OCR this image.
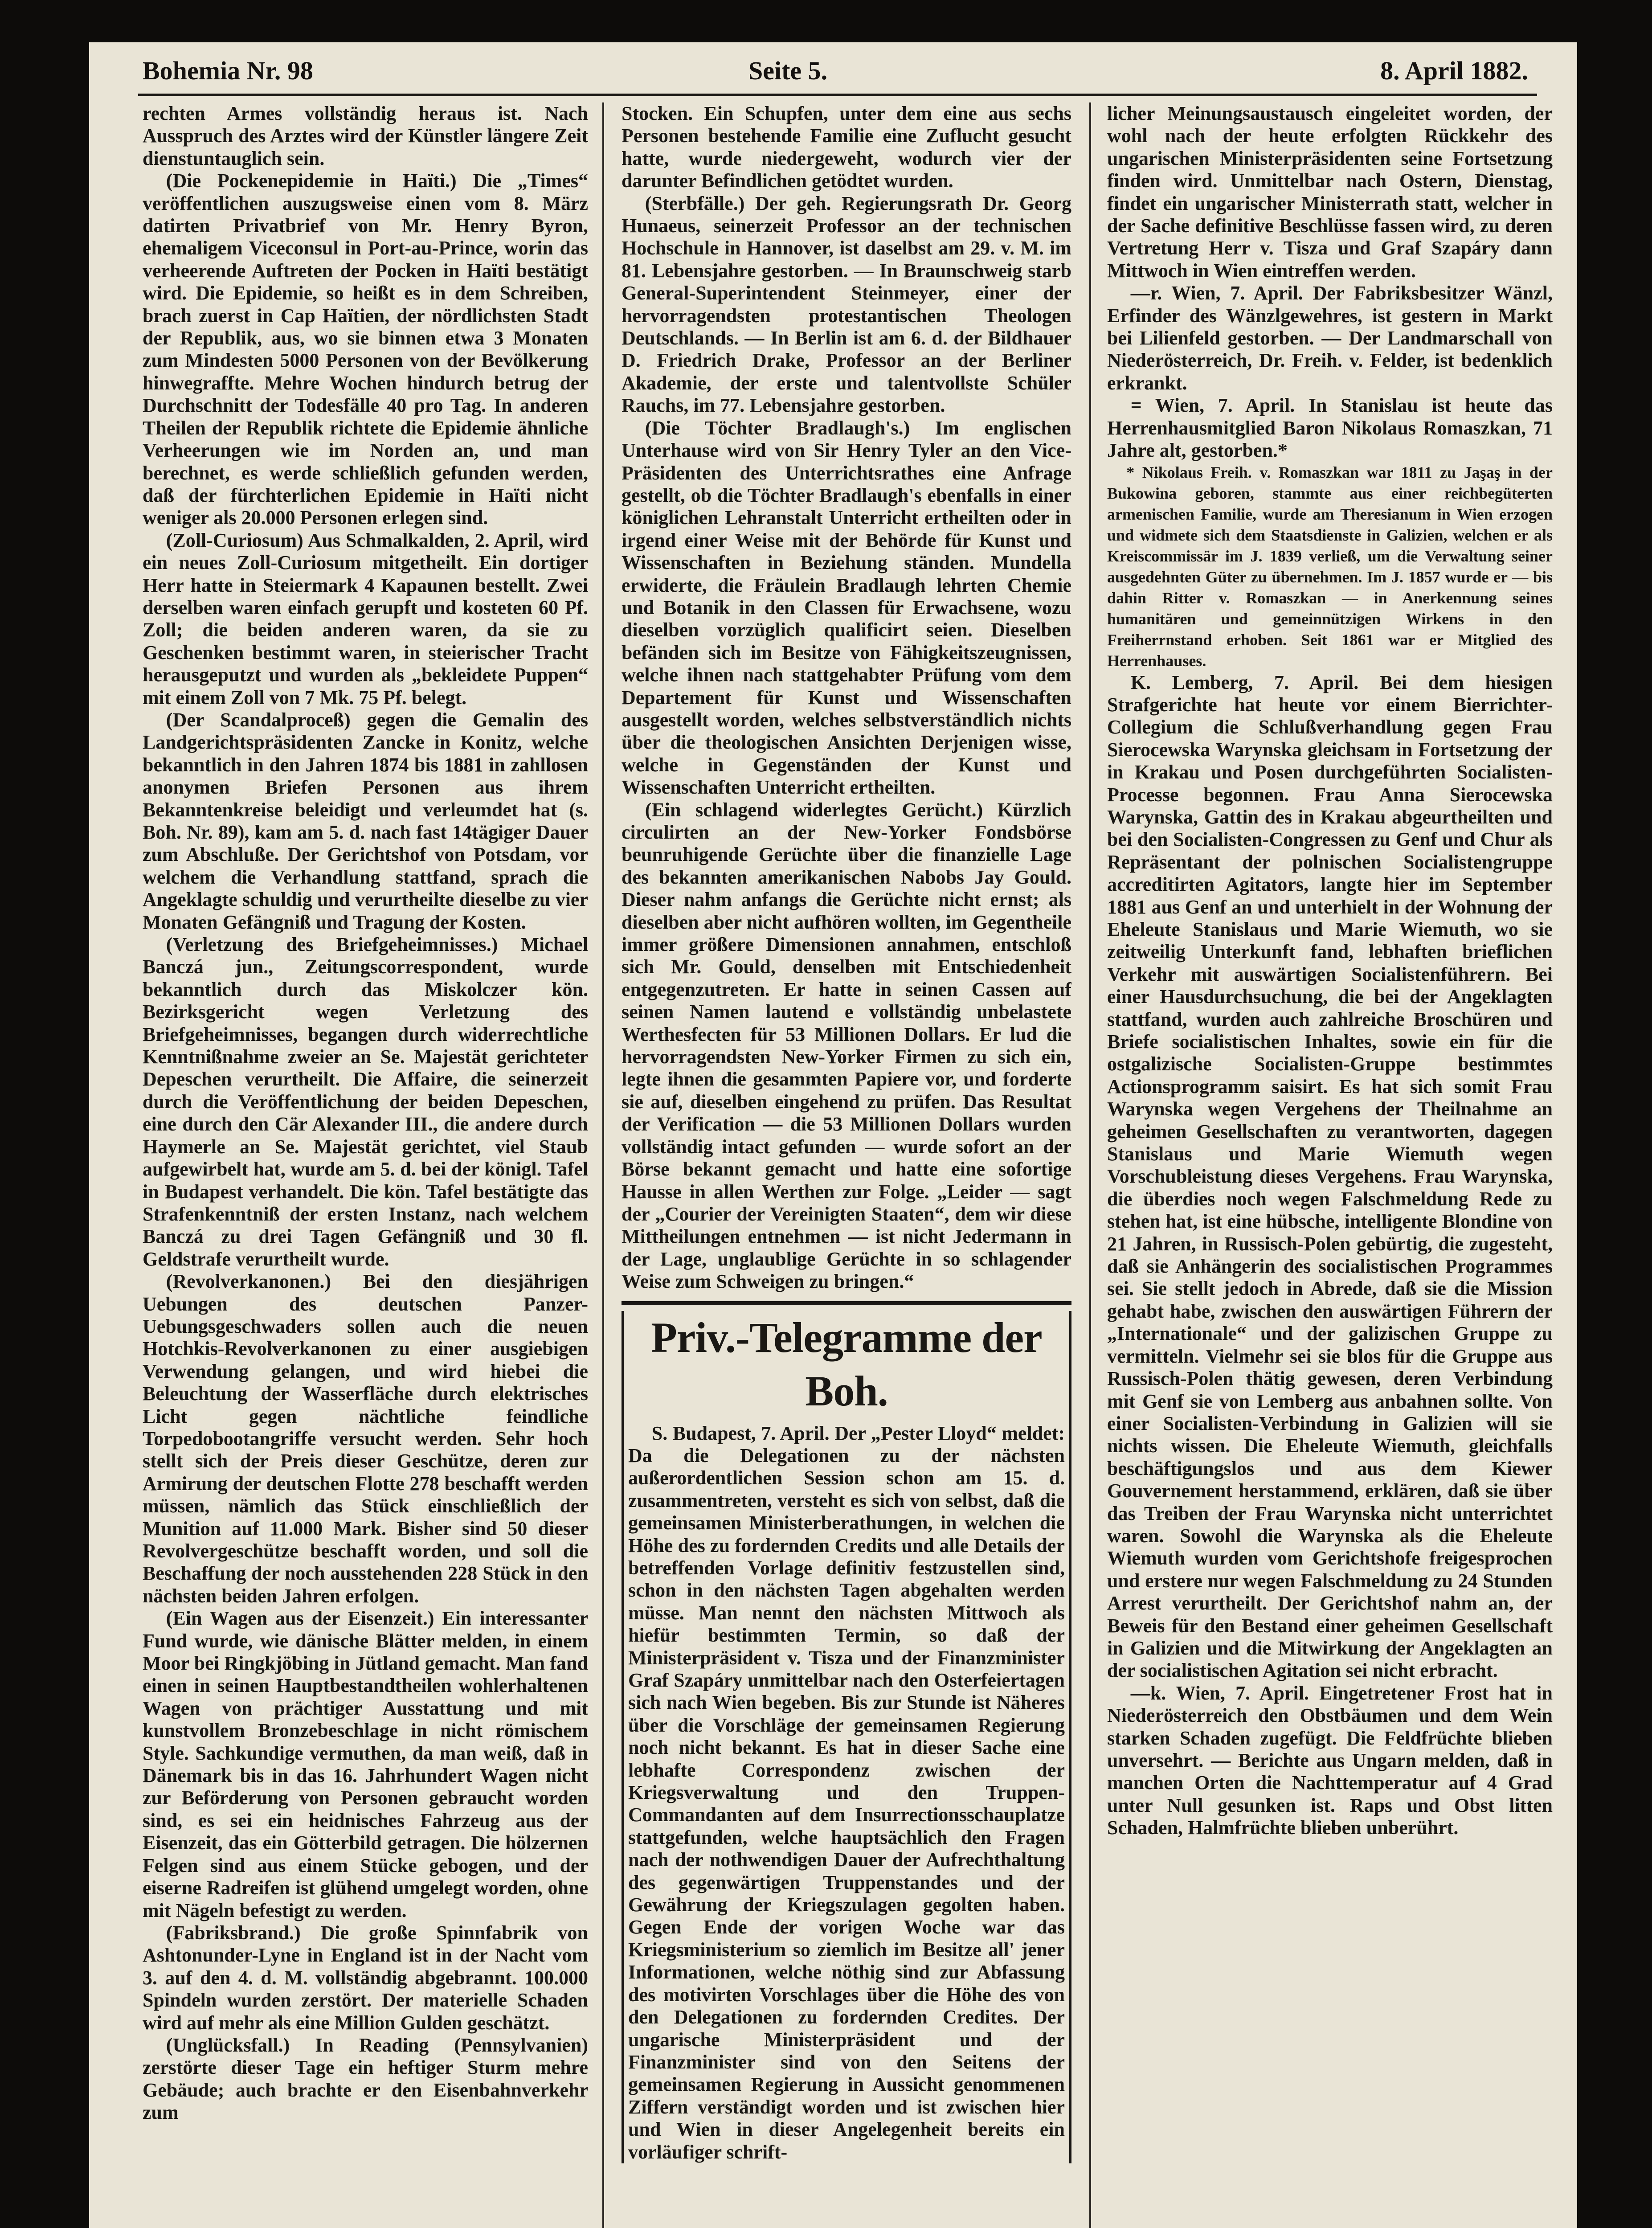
Bohemia Nr. 98	Seite 5.	8. April 1882.

rechten Armes vollständig heraus ist. Nach Ausspruch des Arztes wird der Künstler längere Zeit dienstuntauglich sein.

(Die Pockenepidemie in Haïti.) Die „Times“ veröffentlichen auszugsweise einen vom 8. März datirten Privatbrief von Mr. Henry Byron, ehemaligem Viceconsul in Port-au-Prince, worin das verheerende Auftreten der Pocken in Haïti bestätigt wird. Die Epidemie, so heißt es in dem Schreiben, brach zuerst in Cap Haïtien, der nördlichsten Stadt der Republik, aus, wo sie binnen etwa 3 Monaten zum Mindesten 5000 Personen von der Bevölkerung hinwegraffte. Mehre Wochen hindurch betrug der Durchschnitt der Todesfälle 40 pro Tag. In anderen Theilen der Republik richtete die Epidemie ähnliche Verheerungen wie im Norden an, und man berechnet, es werde schließlich gefunden werden, daß der fürchterlichen Epidemie in Haïti nicht weniger als 20.000 Personen erlegen sind.

(Zoll-Curiosum) Aus Schmalkalden, 2. April, wird ein neues Zoll-Curiosum mitgetheilt. Ein dortiger Herr hatte in Steiermark 4 Kapaunen bestellt. Zwei derselben waren einfach gerupft und kosteten 60 Pf. Zoll; die beiden anderen waren, da sie zu Geschenken bestimmt waren, in steierischer Tracht herausgeputzt und wurden als „bekleidete Puppen“ mit einem Zoll von 7 Mk. 75 Pf. belegt.

(Der Scandalproceß) gegen die Gemalin des Landgerichtspräsidenten Zancke in Konitz, welche bekanntlich in den Jahren 1874 bis 1881 in zahllosen anonymen Briefen Personen aus ihrem Bekanntenkreise beleidigt und verleumdet hat (s. Boh. Nr. 89), kam am 5. d. nach fast 14tägiger Dauer zum Abschluße. Der Gerichtshof von Potsdam, vor welchem die Verhandlung stattfand, sprach die Angeklagte schuldig und verurtheilte dieselbe zu vier Monaten Gefängniß und Tragung der Kosten.

(Verletzung des Briefgeheimnisses.) Michael Banczá jun., Zeitungscorrespondent, wurde bekanntlich durch das Miskolczer kön. Bezirksgericht wegen Verletzung des Briefgeheimnisses, begangen durch widerrechtliche Kenntnißnahme zweier an Se. Majestät gerichteter Depeschen verurtheilt. Die Affaire, die seinerzeit durch die Veröffentlichung der beiden Depeschen, eine durch den Cär Alexander III., die andere durch Haymerle an Se. Majestät gerichtet, viel Staub aufgewirbelt hat, wurde am 5. d. bei der königl. Tafel in Budapest verhandelt. Die kön. Tafel bestätigte das Strafenkenntniß der ersten Instanz, nach welchem Banczá zu drei Tagen Gefängniß und 30 fl. Geldstrafe verurtheilt wurde.

(Revolverkanonen.) Bei den diesjährigen Uebungen des deutschen Panzer-Uebungsgeschwaders sollen auch die neuen Hotchkis-Revolverkanonen zu einer ausgiebigen Verwendung gelangen, und wird hiebei die Beleuchtung der Wasserfläche durch elektrisches Licht gegen nächtliche feindliche Torpedobootangriffe versucht werden. Sehr hoch stellt sich der Preis dieser Geschütze, deren zur Armirung der deutschen Flotte 278 beschafft werden müssen, nämlich das Stück einschließlich der Munition auf 11.000 Mark. Bisher sind 50 dieser Revolvergeschütze beschafft worden, und soll die Beschaffung der noch ausstehenden 228 Stück in den nächsten beiden Jahren erfolgen.

(Ein Wagen aus der Eisenzeit.) Ein interessanter Fund wurde, wie dänische Blätter melden, in einem Moor bei Ringkjöbing in Jütland gemacht. Man fand einen in seinen Hauptbestandtheilen wohlerhaltenen Wagen von prächtiger Ausstattung und mit kunstvollem Bronzebeschlage in nicht römischem Style. Sachkundige vermuthen, da man weiß, daß in Dänemark bis in das 16. Jahrhundert Wagen nicht zur Beförderung von Personen gebraucht worden sind, es sei ein heidnisches Fahrzeug aus der Eisenzeit, das ein Götterbild getragen. Die hölzernen Felgen sind aus einem Stücke gebogen, und der eiserne Radreifen ist glühend umgelegt worden, ohne mit Nägeln befestigt zu werden.

(Fabriksbrand.) Die große Spinnfabrik von Ashtonunder-Lyne in England ist in der Nacht vom 3. auf den 4. d. M. vollständig abgebrannt. 100.000 Spindeln wurden zerstört. Der materielle Schaden wird auf mehr als eine Million Gulden geschätzt.

(Unglücksfall.) In Reading (Pennsylvanien) zerstörte dieser Tage ein heftiger Sturm mehre Gebäude; auch brachte er den Eisenbahnverkehr zum

Stocken. Ein Schupfen, unter dem eine aus sechs Personen bestehende Familie eine Zuflucht gesucht hatte, wurde niedergeweht, wodurch vier der darunter Befindlichen getödtet wurden.

(Sterbfälle.) Der geh. Regierungsrath Dr. Georg Hunaeus, seinerzeit Professor an der technischen Hochschule in Hannover, ist daselbst am 29. v. M. im 81. Lebensjahre gestorben. — In Braunschweig starb General-Superintendent Steinmeyer, einer der hervorragendsten protestantischen Theologen Deutschlands. — In Berlin ist am 6. d. der Bildhauer D. Friedrich Drake, Professor an der Berliner Akademie, der erste und talentvollste Schüler Rauchs, im 77. Lebensjahre gestorben.

(Die Töchter Bradlaugh's.) Im englischen Unterhause wird von Sir Henry Tyler an den Vice-Präsidenten des Unterrichtsrathes eine Anfrage gestellt, ob die Töchter Bradlaugh's ebenfalls in einer königlichen Lehranstalt Unterricht ertheilten oder in irgend einer Weise mit der Behörde für Kunst und Wissenschaften in Beziehung ständen. Mundella erwiderte, die Fräulein Bradlaugh lehrten Chemie und Botanik in den Classen für Erwachsene, wozu dieselben vorzüglich qualificirt seien. Dieselben befänden sich im Besitze von Fähigkeitszeugnissen, welche ihnen nach stattgehabter Prüfung vom dem Departement für Kunst und Wissenschaften ausgestellt worden, welches selbstverständlich nichts über die theologischen Ansichten Derjenigen wisse, welche in Gegenständen der Kunst und Wissenschaften Unterricht ertheilten.

(Ein schlagend widerlegtes Gerücht.) Kürzlich circulirten an der New-Yorker Fondsbörse beunruhigende Gerüchte über die finanzielle Lage des bekannten amerikanischen Nabobs Jay Gould. Dieser nahm anfangs die Gerüchte nicht ernst; als dieselben aber nicht aufhören wollten, im Gegentheile immer größere Dimensionen annahmen, entschloß sich Mr. Gould, denselben mit Entschiedenheit entgegenzutreten. Er hatte in seinen Cassen auf seinen Namen lautend e vollständig unbelastete Werthesfecten für 53 Millionen Dollars. Er lud die hervorragendsten New-Yorker Firmen zu sich ein, legte ihnen die gesammten Papiere vor, und forderte sie auf, dieselben eingehend zu prüfen. Das Resultat der Verification — die 53 Millionen Dollars wurden vollständig intact gefunden — wurde sofort an der Börse bekannt gemacht und hatte eine sofortige Hausse in allen Werthen zur Folge. „Leider — sagt der „Courier der Vereinigten Staaten“, dem wir diese Mittheilungen entnehmen — ist nicht Jedermann in der Lage, unglaublige Gerüchte in so schlagender Weise zum Schweigen zu bringen.“

Priv.-Telegramme der Boh.

S. Budapest, 7. April. Der „Pester Lloyd“ meldet: Da die Delegationen zu der nächsten außerordentlichen Session schon am 15. d. zusammentreten, versteht es sich von selbst, daß die gemeinsamen Ministerberathungen, in welchen die Höhe des zu fordernden Credits und alle Details der betreffenden Vorlage definitiv festzustellen sind, schon in den nächsten Tagen abgehalten werden müsse. Man nennt den nächsten Mittwoch als hiefür bestimmten Termin, so daß der Ministerpräsident v. Tisza und der Finanzminister Graf Szapáry unmittelbar nach den Osterfeiertagen sich nach Wien begeben. Bis zur Stunde ist Näheres über die Vorschläge der gemeinsamen Regierung noch nicht bekannt. Es hat in dieser Sache eine lebhafte Correspondenz zwischen der Kriegsverwaltung und den Truppen-Commandanten auf dem Insurrectionsschauplatze stattgefunden, welche hauptsächlich den Fragen nach der nothwendigen Dauer der Aufrechthaltung des gegenwärtigen Truppenstandes und der Gewährung der Kriegszulagen gegolten haben. Gegen Ende der vorigen Woche war das Kriegsministerium so ziemlich im Besitze all' jener Informationen, welche nöthig sind zur Abfassung des motivirten Vorschlages über die Höhe des von den Delegationen zu fordernden Credites. Der ungarische Ministerpräsident und der Finanzminister sind von den Seitens der gemeinsamen Regierung in Aussicht genommenen Ziffern verständigt worden und ist zwischen hier und Wien in dieser Angelegenheit bereits ein vorläufiger schrift-

licher Meinungsaustausch eingeleitet worden, der wohl nach der heute erfolgten Rückkehr des ungarischen Ministerpräsidenten seine Fortsetzung finden wird. Unmittelbar nach Ostern, Dienstag, findet ein ungarischer Ministerrath statt, welcher in der Sache definitive Beschlüsse fassen wird, zu deren Vertretung Herr v. Tisza und Graf Szapáry dann Mittwoch in Wien eintreffen werden.

—r. Wien, 7. April. Der Fabriksbesitzer Wänzl, Erfinder des Wänzlgewehres, ist gestern in Markt bei Lilienfeld gestorben. — Der Landmarschall von Niederösterreich, Dr. Freih. v. Felder, ist bedenklich erkrankt.

= Wien, 7. April. In Stanislau ist heute das Herrenhausmitglied Baron Nikolaus Romaszkan, 71 Jahre alt, gestorben.*

* Nikolaus Freih. v. Romaszkan war 1811 zu Jaşaş in der Bukowina geboren, stammte aus einer reichbegüterten armenischen Familie, wurde am Theresianum in Wien erzogen und widmete sich dem Staatsdienste in Galizien, welchen er als Kreiscommissär im J. 1839 verließ, um die Verwaltung seiner ausgedehnten Güter zu übernehmen. Im J. 1857 wurde er — bis dahin Ritter v. Romaszkan — in Anerkennung seines humanitären und gemeinnützigen Wirkens in den Freiherrnstand erhoben. Seit 1861 war er Mitglied des Herrenhauses.

K. Lemberg, 7. April. Bei dem hiesigen Strafgerichte hat heute vor einem Bierrichter-Collegium die Schlußverhandlung gegen Frau Sierocewska Warynska gleichsam in Fortsetzung der in Krakau und Posen durchgeführten Socialisten-Processe begonnen. Frau Anna Sierocewska Warynska, Gattin des in Krakau abgeurtheilten und bei den Socialisten-Congressen zu Genf und Chur als Repräsentant der polnischen Socialistengruppe accreditirten Agitators, langte hier im September 1881 aus Genf an und unterhielt in der Wohnung der Eheleute Stanislaus und Marie Wiemuth, wo sie zeitweilig Unterkunft fand, lebhaften brieflichen Verkehr mit auswärtigen Socialistenführern. Bei einer Hausdurchsuchung, die bei der Angeklagten stattfand, wurden auch zahlreiche Broschüren und Briefe socialistischen Inhaltes, sowie ein für die ostgalizische Socialisten-Gruppe bestimmtes Actionsprogramm saisirt. Es hat sich somit Frau Warynska wegen Vergehens der Theilnahme an geheimen Gesellschaften zu verantworten, dagegen Stanislaus und Marie Wiemuth wegen Vorschubleistung dieses Vergehens. Frau Warynska, die überdies noch wegen Falschmeldung Rede zu stehen hat, ist eine hübsche, intelligente Blondine von 21 Jahren, in Russisch-Polen gebürtig, die zugesteht, daß sie Anhängerin des socialistischen Programmes sei. Sie stellt jedoch in Abrede, daß sie die Mission gehabt habe, zwischen den auswärtigen Führern der „Internationale“ und der galizischen Gruppe zu vermitteln. Vielmehr sei sie blos für die Gruppe aus Russisch-Polen thätig gewesen, deren Verbindung mit Genf sie von Lemberg aus anbahnen sollte. Von einer Socialisten-Verbindung in Galizien will sie nichts wissen. Die Eheleute Wiemuth, gleichfalls beschäftigungslos und aus dem Kiewer Gouvernement herstammend, erklären, daß sie über das Treiben der Frau Warynska nicht unterrichtet waren. Sowohl die Warynska als die Eheleute Wiemuth wurden vom Gerichtshofe freigesprochen und erstere nur wegen Falschmeldung zu 24 Stunden Arrest verurtheilt. Der Gerichtshof nahm an, der Beweis für den Bestand einer geheimen Gesellschaft in Galizien und die Mitwirkung der Angeklagten an der socialistischen Agitation sei nicht erbracht.

—k. Wien, 7. April. Eingetretener Frost hat in Niederösterreich den Obstbäumen und dem Wein starken Schaden zugefügt. Die Feldfrüchte blieben unversehrt. — Berichte aus Ungarn melden, daß in manchen Orten die Nachttemperatur auf 4 Grad unter Null gesunken ist. Raps und Obst litten Schaden, Halmfrüchte blieben unberührt.
